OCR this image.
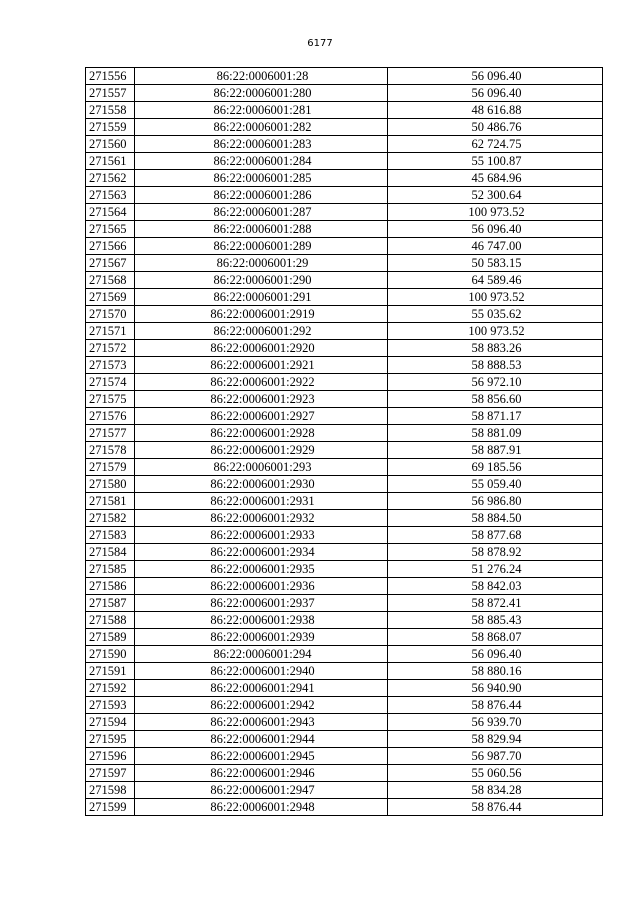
6177
271556	86:22:0006001:28	56 096.40
271557	86:22:0006001:280	56 096.40
271558	86:22:0006001:281	48 616.88
271559	86:22:0006001:282	50 486.76
271560	86:22:0006001:283	62 724.75
271561	86:22:0006001:284	55 100.87
271562	86:22:0006001:285	45 684.96
271563	86:22:0006001:286	52 300.64
271564	86:22:0006001:287	100 973.52
271565	86:22:0006001:288	56 096.40
271566	86:22:0006001:289	46 747.00
271567	86:22:0006001:29	50 583.15
271568	86:22:0006001:290	64 589.46
271569	86:22:0006001:291	100 973.52
271570	86:22:0006001:2919	55 035.62
271571	86:22:0006001:292	100 973.52
271572	86:22:0006001:2920	58 883.26
271573	86:22:0006001:2921	58 888.53
271574	86:22:0006001:2922	56 972.10
271575	86:22:0006001:2923	58 856.60
271576	86:22:0006001:2927	58 871.17
271577	86:22:0006001:2928	58 881.09
271578	86:22:0006001:2929	58 887.91
271579	86:22:0006001:293	69 185.56
271580	86:22:0006001:2930	55 059.40
271581	86:22:0006001:2931	56 986.80
271582	86:22:0006001:2932	58 884.50
271583	86:22:0006001:2933	58 877.68
271584	86:22:0006001:2934	58 878.92
271585	86:22:0006001:2935	51 276.24
271586	86:22:0006001:2936	58 842.03
271587	86:22:0006001:2937	58 872.41
271588	86:22:0006001:2938	58 885.43
271589	86:22:0006001:2939	58 868.07
271590	86:22:0006001:294	56 096.40
271591	86:22:0006001:2940	58 880.16
271592	86:22:0006001:2941	56 940.90
271593	86:22:0006001:2942	58 876.44
271594	86:22:0006001:2943	56 939.70
271595	86:22:0006001:2944	58 829.94
271596	86:22:0006001:2945	56 987.70
271597	86:22:0006001:2946	55 060.56
271598	86:22:0006001:2947	58 834.28
271599	86:22:0006001:2948	58 876.44
